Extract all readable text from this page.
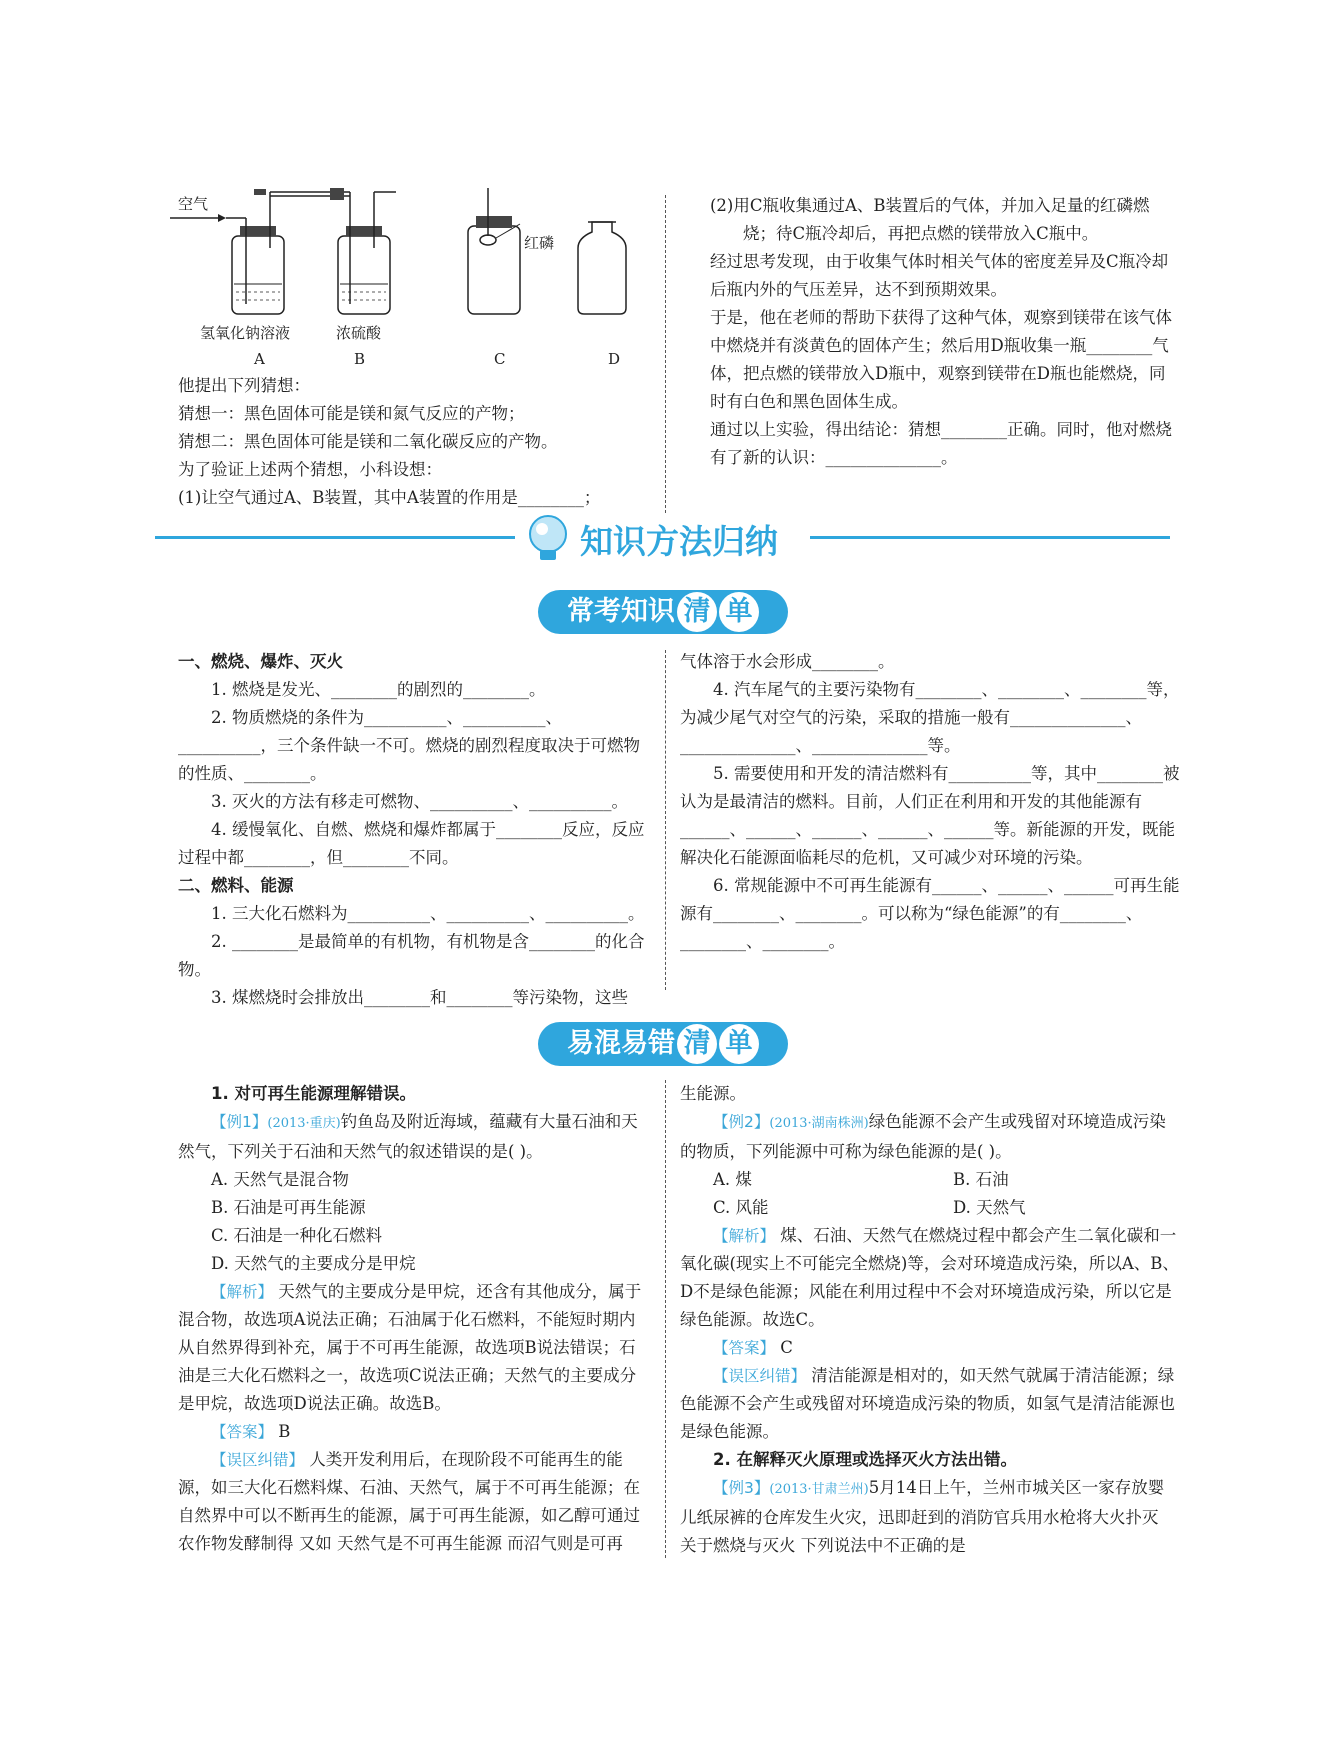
空气
红磷
氢氧化钠溶液	浓硫酸
A	B	C	D

他提出下列猜想：

猜想一：黑色固体可能是镁和氮气反应的产物；

猜想二：黑色固体可能是镁和二氧化碳反应的产物。

为了验证上述两个猜想，小科设想：

(1)让空气通过A、B装置，其中A装置的作用是________；

(2)用C瓶收集通过A、B装置后的气体，并加入足量的红磷燃烧；待C瓶冷却后，再把点燃的镁带放入C瓶中。

经过思考发现，由于收集气体时相关气体的密度差异及C瓶冷却后瓶内外的气压差异，达不到预期效果。

于是，他在老师的帮助下获得了这种气体，观察到镁带在该气体中燃烧并有淡黄色的固体产生；然后用D瓶收集一瓶________气体，把点燃的镁带放入D瓶中，观察到镁带在D瓶也能燃烧，同时有白色和黑色固体生成。

通过以上实验，得出结论：猜想________正确。同时，他对燃烧有了新的认识：______________。

知识方法归纳
常考知识 清 单

一、燃烧、爆炸、灭火

1. 燃烧是发光、________的剧烈的________。

2. 物质燃烧的条件为__________、__________、__________，三个条件缺一不可。燃烧的剧烈程度取决于可燃物的性质、________。

3. 灭火的方法有移走可燃物、__________、__________。

4. 缓慢氧化、自燃、燃烧和爆炸都属于________反应，反应过程中都________，但________不同。

二、燃料、能源

1. 三大化石燃料为__________、__________、__________。

2. ________是最简单的有机物，有机物是含________的化合物。

3. 煤燃烧时会排放出________和________等污染物，这些

气体溶于水会形成________。

4. 汽车尾气的主要污染物有________、________、________等，为减少尾气对空气的污染，采取的措施一般有______________、______________、______________等。

5. 需要使用和开发的清洁燃料有__________等，其中________被认为是最清洁的燃料。目前，人们正在利用和开发的其他能源有______、______、______、______、______等。新能源的开发，既能解决化石能源面临耗尽的危机，又可减少对环境的污染。

6. 常规能源中不可再生能源有______、______、______可再生能源有________、________。可以称为“绿色能源”的有________、________、________。

易混易错 清 单

1. 对可再生能源理解错误。

【例1】(2013·重庆)钓鱼岛及附近海域，蕴藏有大量石油和天然气，下列关于石油和天然气的叙述错误的是( )。

A. 天然气是混合物

B. 石油是可再生能源

C. 石油是一种化石燃料

D. 天然气的主要成分是甲烷

【解析】 天然气的主要成分是甲烷，还含有其他成分，属于混合物，故选项A说法正确；石油属于化石燃料，不能短时期内从自然界得到补充，属于不可再生能源，故选项B说法错误；石油是三大化石燃料之一，故选项C说法正确；天然气的主要成分是甲烷，故选项D说法正确。故选B。

【答案】 B

【误区纠错】 人类开发利用后，在现阶段不可能再生的能源，如三大化石燃料煤、石油、天然气，属于不可再生能源；在自然界中可以不断再生的能源，属于可再生能源，如乙醇可通过农作物发酵制得 又如 天然气是不可再生能源 而沼气则是可再

生能源。

【例2】(2013·湖南株洲)绿色能源不会产生或残留对环境造成污染的物质，下列能源中可称为绿色能源的是( )。

A. 煤	B. 石油

C. 风能	D. 天然气

【解析】 煤、石油、天然气在燃烧过程中都会产生二氧化碳和一氧化碳(现实上不可能完全燃烧)等，会对环境造成污染，所以A、B、D不是绿色能源；风能在利用过程中不会对环境造成污染，所以它是绿色能源。故选C。

【答案】 C

【误区纠错】 清洁能源是相对的，如天然气就属于清洁能源；绿色能源不会产生或残留对环境造成污染的物质，如氢气是清洁能源也是绿色能源。

2. 在解释灭火原理或选择灭火方法出错。

【例3】(2013·甘肃兰州)5月14日上午，兰州市城关区一家存放婴儿纸尿裤的仓库发生火灾，迅即赶到的消防官兵用水枪将大火扑灭 关于燃烧与灭火 下列说法中不正确的是
